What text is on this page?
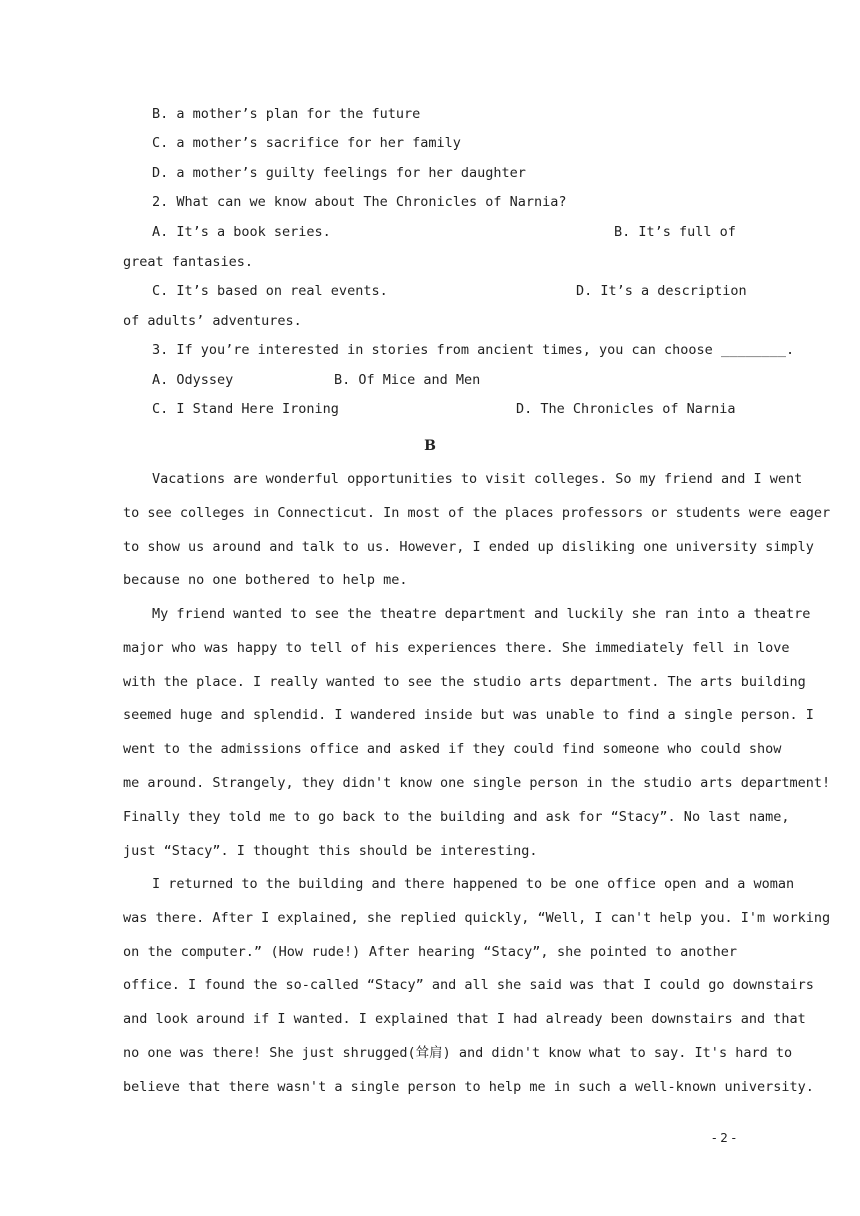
B. a mother’s plan for the future
C. a mother’s sacrifice for her family
D. a mother’s guilty feelings for her daughter
2. What can we know about The Chronicles of Narnia?
A. It’s a book series.	B. It’s full of
great fantasies.
C. It’s based on real events.	D. It’s a description
of adults’ adventures.
3. If you’re interested in stories from ancient times, you can choose ________.
A. Odyssey	B. Of Mice and Men
C. I Stand Here Ironing	D. The Chronicles of Narnia
B
Vacations are wonderful opportunities to visit colleges. So my friend and I went
to see colleges in Connecticut. In most of the places professors or students were eager
to show us around and talk to us. However, I ended up disliking one university simply
because no one bothered to help me.
My friend wanted to see the theatre department and luckily she ran into a theatre
major who was happy to tell of his experiences there. She immediately fell in love
with the place. I really wanted to see the studio arts department. The arts building
seemed huge and splendid. I wandered inside but was unable to find a single person. I
went to the admissions office and asked if they could find someone who could show
me around. Strangely, they didn't know one single person in the studio arts department!
Finally they told me to go back to the building and ask for “Stacy”. No last name,
just “Stacy”. I thought this should be interesting.
I returned to the building and there happened to be one office open and a woman
was there. After I explained, she replied quickly, “Well, I can't help you. I'm working
on the computer.” (How rude!) After hearing “Stacy”, she pointed to another
office. I found the so-called “Stacy” and all she said was that I could go downstairs
and look around if I wanted. I explained that I had already been downstairs and that
no one was there! She just shrugged(耸肩) and didn't know what to say. It's hard to
believe that there wasn't a single person to help me in such a well-known university.
- 2 -
